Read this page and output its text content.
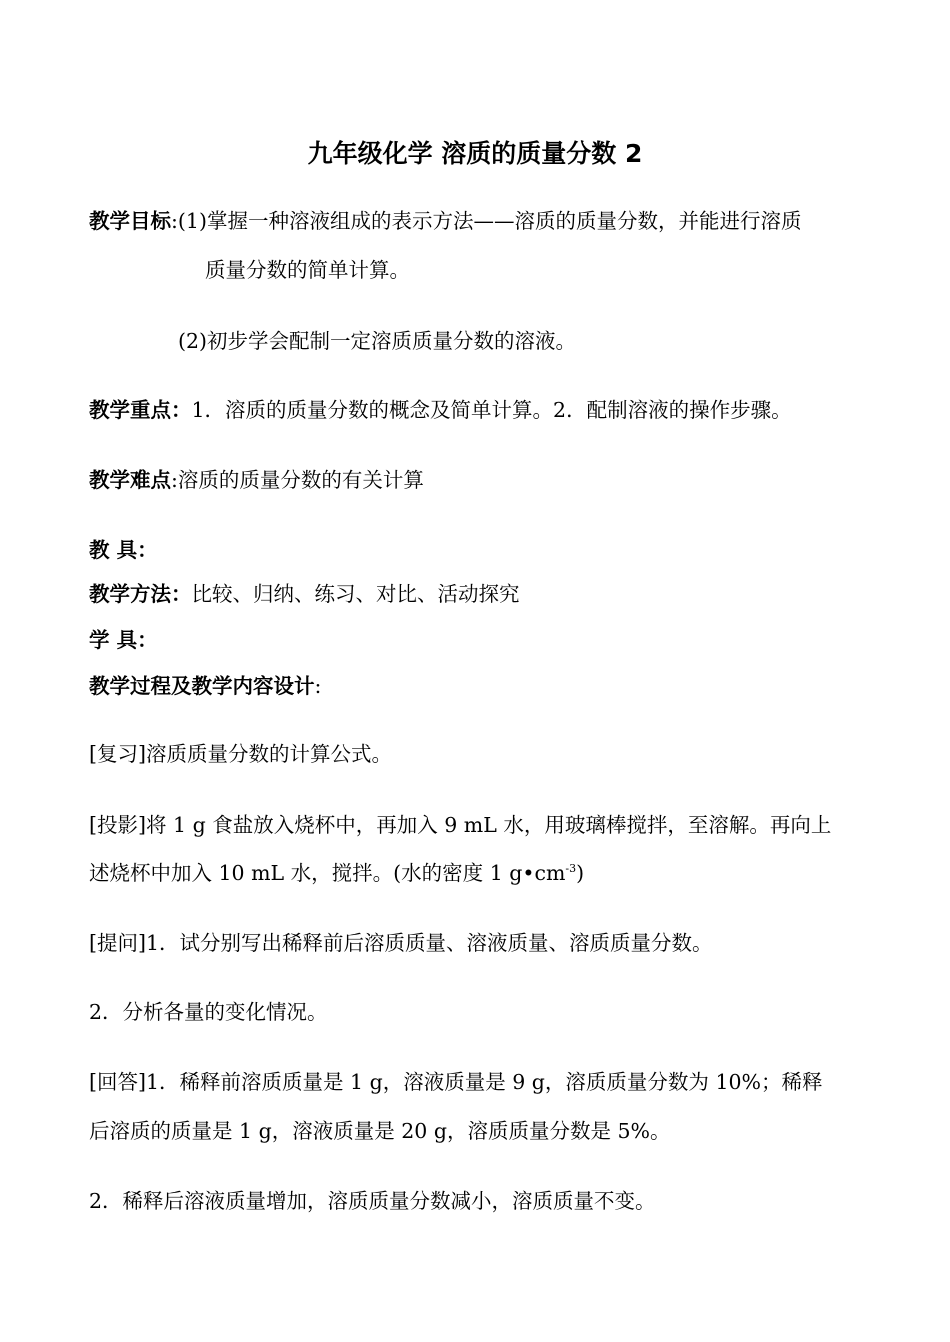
九年级化学 溶质的质量分数 2
教学目标:(1)掌握一种溶液组成的表示方法——溶质的质量分数，并能进行溶质
质量分数的简单计算。
(2)初步学会配制一定溶质质量分数的溶液。
教学重点：1．溶质的质量分数的概念及简单计算。2．配制溶液的操作步骤。
教学难点:溶质的质量分数的有关计算
教 具：
教学方法：比较、归纳、练习、对比、活动探究
学 具：
教学过程及教学内容设计:
[复习]溶质质量分数的计算公式。
[投影]将 1 g 食盐放入烧杯中，再加入 9 mL 水，用玻璃棒搅拌，至溶解。再向上
述烧杯中加入 10 mL 水，搅拌。(水的密度 1 $g•cm^{-3}$)
[提问]1．试分别写出稀释前后溶质质量、溶液质量、溶质质量分数。
2．分析各量的变化情况。
[回答]1．稀释前溶质质量是 1 g，溶液质量是 9 g，溶质质量分数为 10%；稀释
后溶质的质量是 1 g，溶液质量是 20 g，溶质质量分数是 5%。
2．稀释后溶液质量增加，溶质质量分数减小，溶质质量不变。
